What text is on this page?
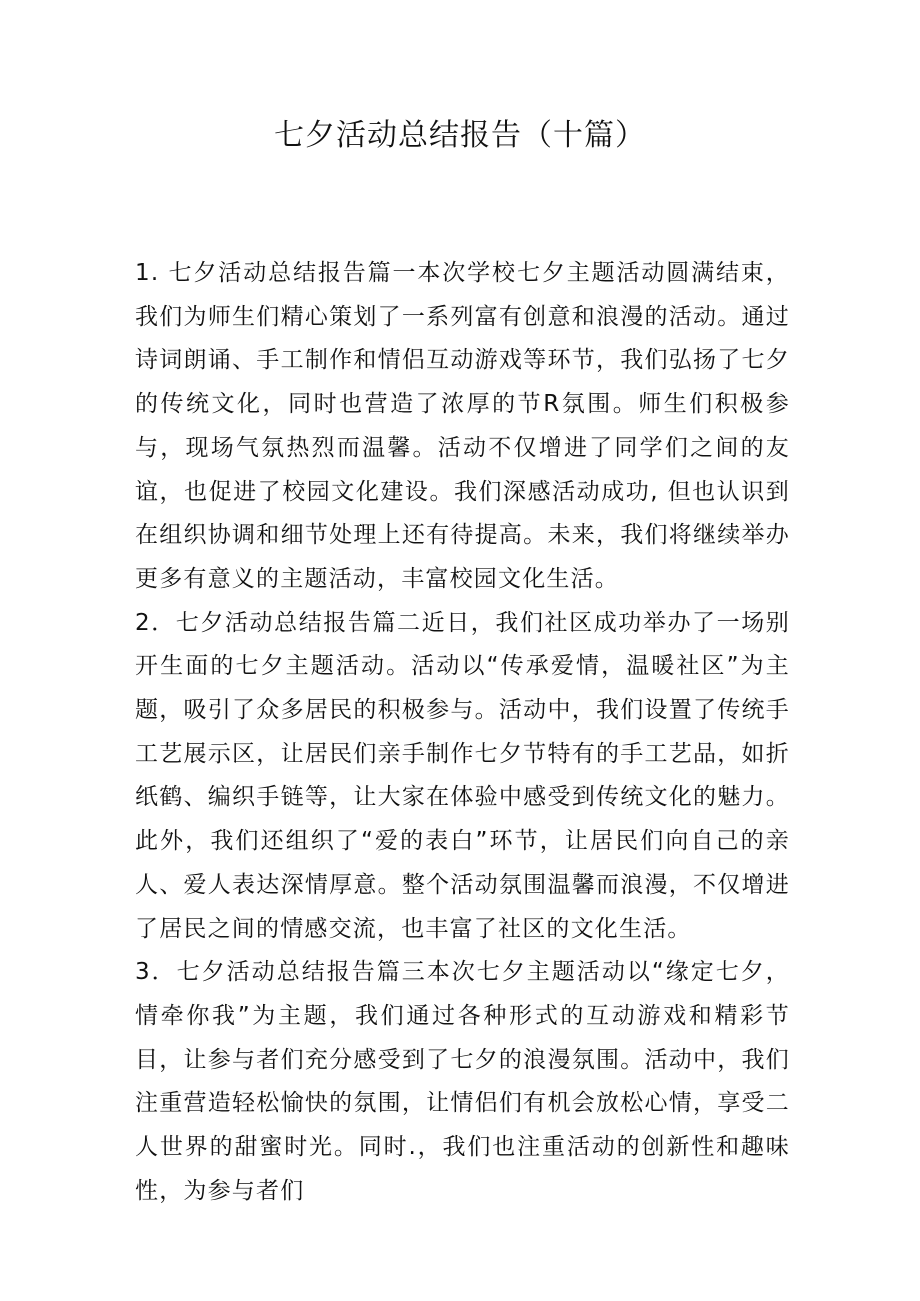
七夕活动总结报告（十篇）

1. 七夕活动总结报告篇一本次学校七夕主题活动圆满结束，我们为师生们精心策划了一系列富有创意和浪漫的活动。通过诗词朗诵、手工制作和情侣互动游戏等环节，我们弘扬了七夕的传统文化，同时也营造了浓厚的节R氛围。师生们积极参与，现场气氛热烈而温馨。活动不仅增进了同学们之间的友谊，也促进了校园文化建设。我们深感活动成功, 但也认识到在组织协调和细节处理上还有待提高。未来，我们将继续举办更多有意义的主题活动，丰富校园文化生活。

2．七夕活动总结报告篇二近日，我们社区成功举办了一场别开生面的七夕主题活动。活动以“传承爱情，温暖社区”为主题，吸引了众多居民的积极参与。活动中，我们设置了传统手工艺展示区，让居民们亲手制作七夕节特有的手工艺品，如折纸鹤、编织手链等，让大家在体验中感受到传统文化的魅力。此外，我们还组织了“爱的表白”环节，让居民们向自己的亲人、爱人表达深情厚意。整个活动氛围温馨而浪漫，不仅增进了居民之间的情感交流，也丰富了社区的文化生活。

3．七夕活动总结报告篇三本次七夕主题活动以“缘定七夕，情牵你我”为主题，我们通过各种形式的互动游戏和精彩节目，让参与者们充分感受到了七夕的浪漫氛围。活动中，我们注重营造轻松愉快的氛围，让情侣们有机会放松心情，享受二人世界的甜蜜时光。同时.，我们也注重活动的创新性和趣味性，为参与者们
